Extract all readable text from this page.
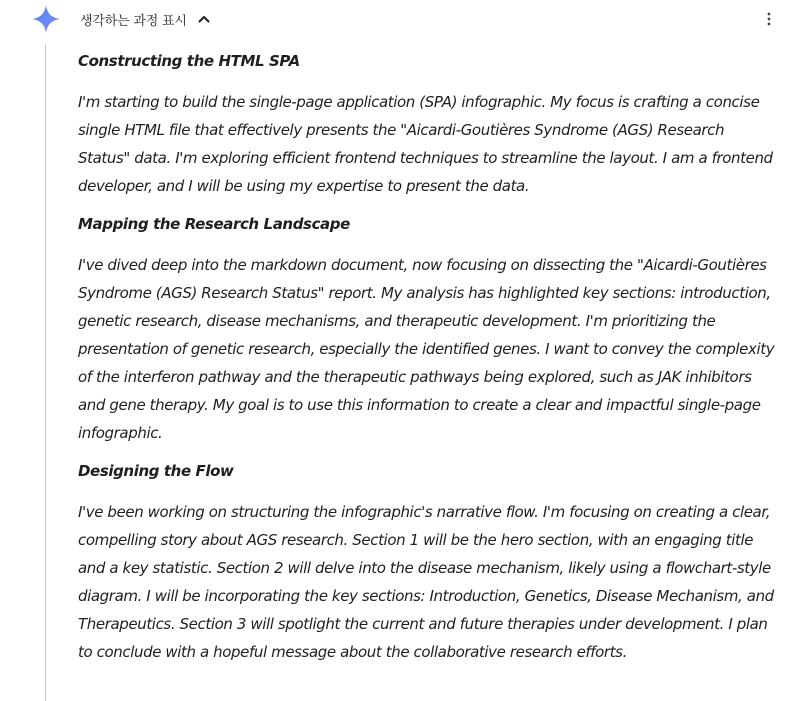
생각하는 과정 표시
Constructing the HTML SPA

I'm starting to build the single-page application (SPA) infographic. My focus is crafting a concise
single HTML file that effectively presents the "Aicardi-Goutières Syndrome (AGS) Research
Status" data. I'm exploring efficient frontend techniques to streamline the layout. I am a frontend
developer, and I will be using my expertise to present the data.

Mapping the Research Landscape

I've dived deep into the markdown document, now focusing on dissecting the "Aicardi-Goutières
Syndrome (AGS) Research Status" report. My analysis has highlighted key sections: introduction,
genetic research, disease mechanisms, and therapeutic development. I'm prioritizing the
presentation of genetic research, especially the identified genes. I want to convey the complexity
of the interferon pathway and the therapeutic pathways being explored, such as JAK inhibitors
and gene therapy. My goal is to use this information to create a clear and impactful single-page
infographic.

Designing the Flow

I've been working on structuring the infographic's narrative flow. I'm focusing on creating a clear,
compelling story about AGS research. Section 1 will be the hero section, with an engaging title
and a key statistic. Section 2 will delve into the disease mechanism, likely using a flowchart-style
diagram. I will be incorporating the key sections: Introduction, Genetics, Disease Mechanism, and
Therapeutics. Section 3 will spotlight the current and future therapies under development. I plan
to conclude with a hopeful message about the collaborative research efforts.
